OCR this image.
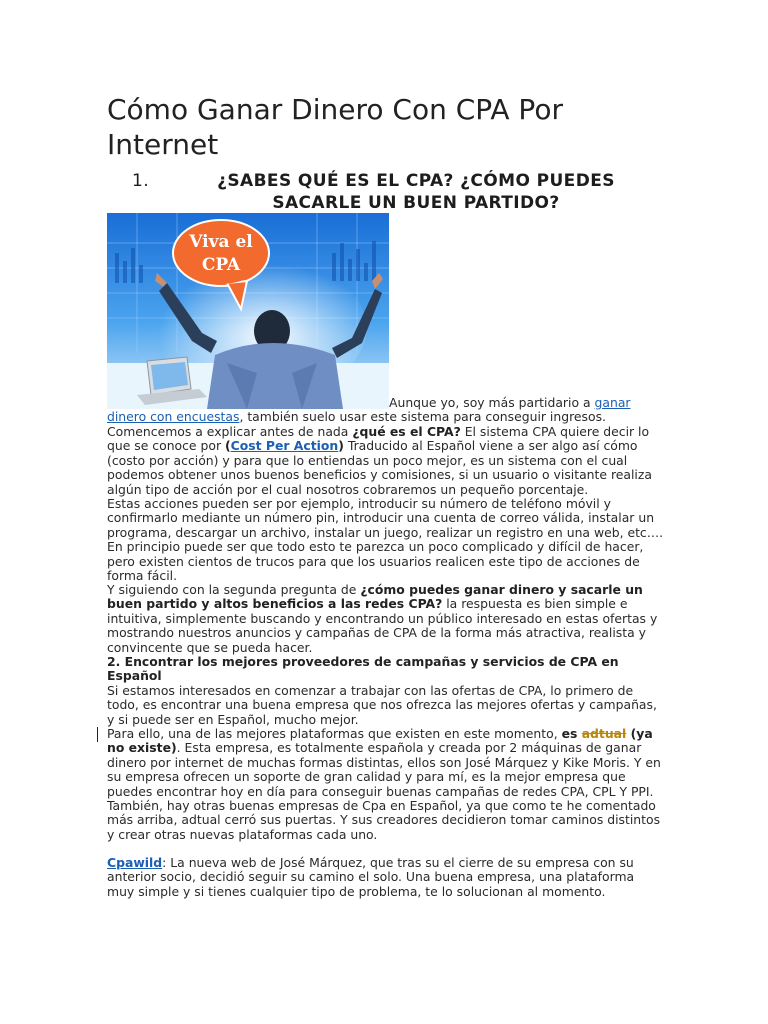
Cómo Ganar Dinero Con CPA Por Internet
1.	¿SABES QUÉ ES EL CPA? ¿CÓMO PUEDES SACARLE UN BUEN PARTIDO?
Viva el
CPA

Aunque yo, soy más partidario a ganar dinero con encuestas, también suelo usar este sistema para conseguir ingresos.

Comencemos a explicar antes de nada ¿qué es el CPA? El sistema CPA quiere decir lo que se conoce por (Cost Per Action) Traducido al Español viene a ser algo así cómo (costo por acción) y para que lo entiendas un poco mejor, es un sistema con el cual podemos obtener unos buenos beneficios y comisiones, si un usuario o visitante realiza algún tipo de acción por el cual nosotros cobraremos un pequeño porcentaje.

Estas acciones pueden ser por ejemplo, introducir su número de teléfono móvil y confirmarlo mediante un número pin, introducir una cuenta de correo válida, instalar un programa, descargar un archivo, instalar un juego, realizar un registro en una web, etc…. En principio puede ser que todo esto te parezca un poco complicado y difícil de hacer, pero existen cientos de trucos para que los usuarios realicen este tipo de acciones de forma fácil.

Y siguiendo con la segunda pregunta de ¿cómo puedes ganar dinero y sacarle un buen partido y altos beneficios a las redes CPA? la respuesta es bien simple e intuitiva, simplemente buscando y encontrando un público interesado en estas ofertas y mostrando nuestros anuncios y campañas de CPA de la forma más atractiva, realista y convincente que se pueda hacer.

2. Encontrar los mejores proveedores de campañas y servicios de CPA en Español

Si estamos interesados en comenzar a trabajar con las ofertas de CPA, lo primero de todo, es encontrar una buena empresa que nos ofrezca las mejores ofertas y campañas, y si puede ser en Español, mucho mejor.

Para ello, una de las mejores plataformas que existen en este momento, es adtual (ya no existe). Esta empresa, es totalmente española y creada por 2 máquinas de ganar dinero por internet de muchas formas distintas, ellos son José Márquez y Kike Moris. Y en su empresa ofrecen un soporte de gran calidad y para mí, es la mejor empresa que puedes encontrar hoy en día para conseguir buenas campañas de redes CPA, CPL Y PPI.

También, hay otras buenas empresas de Cpa en Español, ya que como te he comentado más arriba, adtual cerró sus puertas. Y sus creadores decidieron tomar caminos distintos y crear otras nuevas plataformas cada uno.

Cpawild: La nueva web de José Márquez, que tras su el cierre de su empresa con su anterior socio, decidió seguir su camino el solo. Una buena empresa, una plataforma muy simple y si tienes cualquier tipo de problema, te lo solucionan al momento.
